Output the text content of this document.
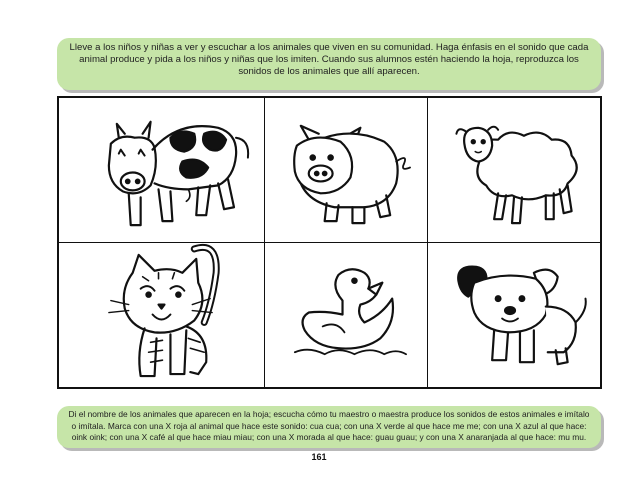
Lleve a los niños y niñas a ver y escuchar a los animales que viven en su comunidad. Haga énfasis en el sonido que cada animal produce y pida a los niños y niñas que los imiten. Cuando sus alumnos estén haciendo la hoja, reproduzca los sonidos de los animales que allí aparecen.
Di el nombre de los animales que aparecen en la hoja; escucha cómo tu maestro o maestra produce los sonidos de estos animales e imítalo o imítala. Marca con una X roja al animal que hace este sonido: cua cua; con una X verde al que hace me me; con una X azul al que hace: oink oink; con una X café al que hace miau miau; con una X morada al que hace: guau guau; y con una X anaranjada al que hace: mu mu.
161
